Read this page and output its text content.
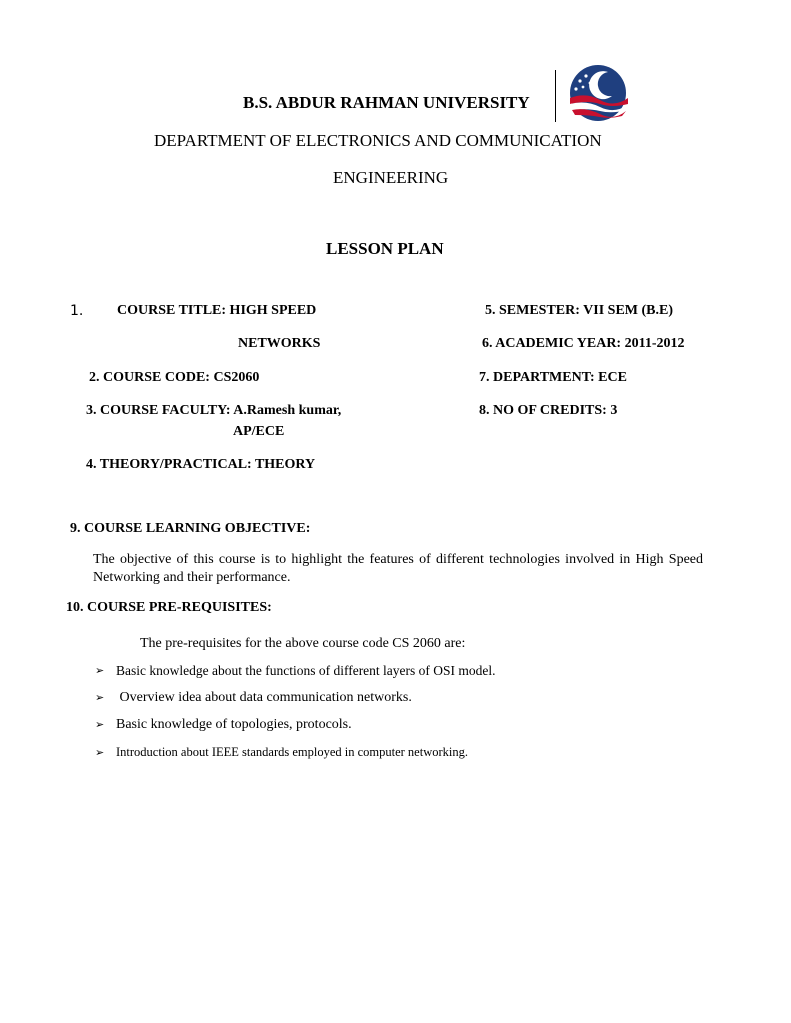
B.S. ABDUR RAHMAN UNIVERSITY
DEPARTMENT OF ELECTRONICS AND COMMUNICATION
ENGINEERING
LESSON PLAN
1. COURSE TITLE: HIGH SPEED
NETWORKS
2. COURSE CODE: CS2060
3. COURSE FACULTY: A.Ramesh kumar,
AP/ECE
4. THEORY/PRACTICAL: THEORY
5. SEMESTER: VII SEM (B.E)
6. ACADEMIC YEAR: 2011-2012
7. DEPARTMENT: ECE
8. NO OF CREDITS: 3
9. COURSE LEARNING OBJECTIVE:
The objective of this course is to highlight the features of different technologies involved in High Speed Networking and their performance.
10. COURSE PRE-REQUISITES:
The pre-requisites for the above course code CS 2060 are:
➢ Basic knowledge about the functions of different layers of OSI model.
➢ Overview idea about data communication networks.
➢ Basic knowledge of topologies, protocols.
➢ Introduction about IEEE standards employed in computer networking.
